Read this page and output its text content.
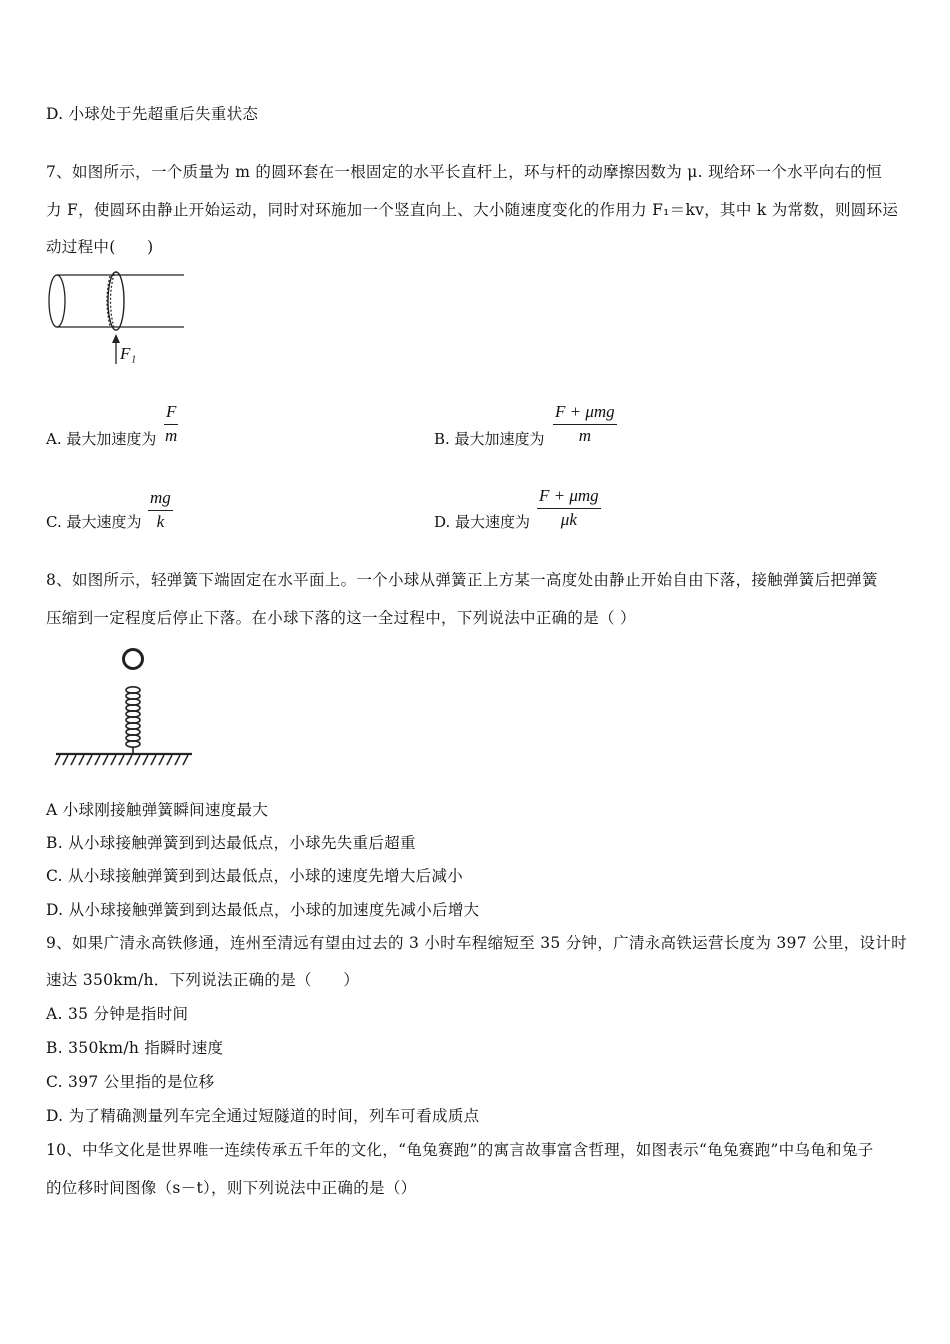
D. 小球处于先超重后失重状态
7、如图所示，一个质量为 m 的圆环套在一根固定的水平长直杆上，环与杆的动摩擦因数为 μ. 现给环一个水平向右的恒
力 F，使圆环由静止开始运动，同时对环施加一个竖直向上、大小随速度变化的作用力 F₁＝kv，其中 k 为常数，则圆环运
动过程中(　　)
F₁
A. 最大加速度为 $\frac{F}{m}$	B. 最大加速度为
F + μmg
m
C. 最大速度为 $\frac{mg}{k}$	D. 最大速度为
F + μmg
μk
8、如图所示，轻弹簧下端固定在水平面上。一个小球从弹簧正上方某一高度处由静止开始自由下落，接触弹簧后把弹簧
压缩到一定程度后停止下落。在小球下落的这一全过程中，下列说法中正确的是（ ）
A 小球刚接触弹簧瞬间速度最大
B. 从小球接触弹簧到到达最低点，小球先失重后超重
C. 从小球接触弹簧到到达最低点，小球的速度先增大后减小
D. 从小球接触弹簧到到达最低点，小球的加速度先减小后增大
9、如果广清永高铁修通，连州至清远有望由过去的 3 小时车程缩短至 35 分钟，广清永高铁运营长度为 397 公里，设计时
速达 350km/h．下列说法正确的是（　　）
A. 35 分钟是指时间
B. 350km/h 指瞬时速度
C. 397 公里指的是位移
D. 为了精确测量列车完全通过短隧道的时间，列车可看成质点
10、中华文化是世界唯一连续传承五千年的文化，“龟兔赛跑”的寓言故事富含哲理，如图表示“龟兔赛跑”中乌龟和兔子
的位移时间图像（s－t），则下列说法中正确的是（）
